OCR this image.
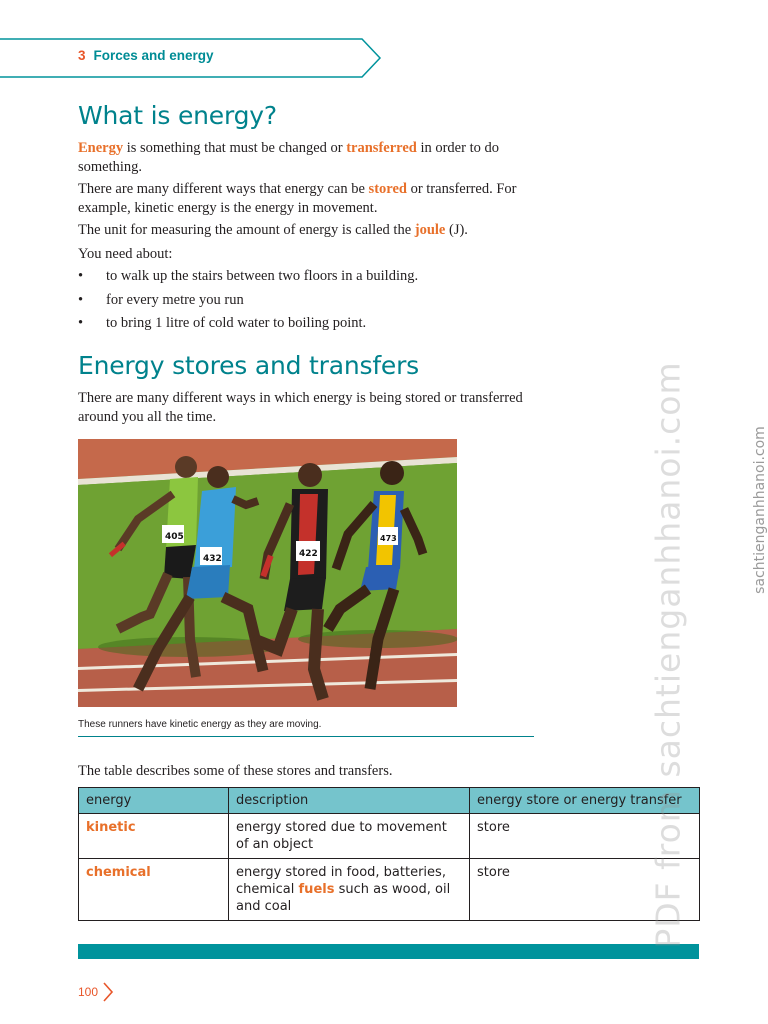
3 Forces and energy
What is energy?

Energy is something that must be changed or transferred in order to do something.

There are many different ways that energy can be stored or transferred. For example, kinetic energy is the energy in movement.

The unit for measuring the amount of energy is called the joule (J).

You need about:

• to walk up the stairs between two floors in a building.
• for every metre you run
• to bring 1 litre of cold water to boiling point.
Energy stores and transfers

There are many different ways in which energy is being stored or transferred around you all the time.

405
432	422
473
These runners have kinetic energy as they are moving.

The table describes some of these stores and transfers.

energy	description	energy store or energy transfer
kinetic	energy stored due to movement of an object	store
chemical	energy stored in food, batteries, chemical fuels such as wood, oil and coal	store
100
PDF from sachtienganhhanoi.com	sachtienganhhanoi.com
